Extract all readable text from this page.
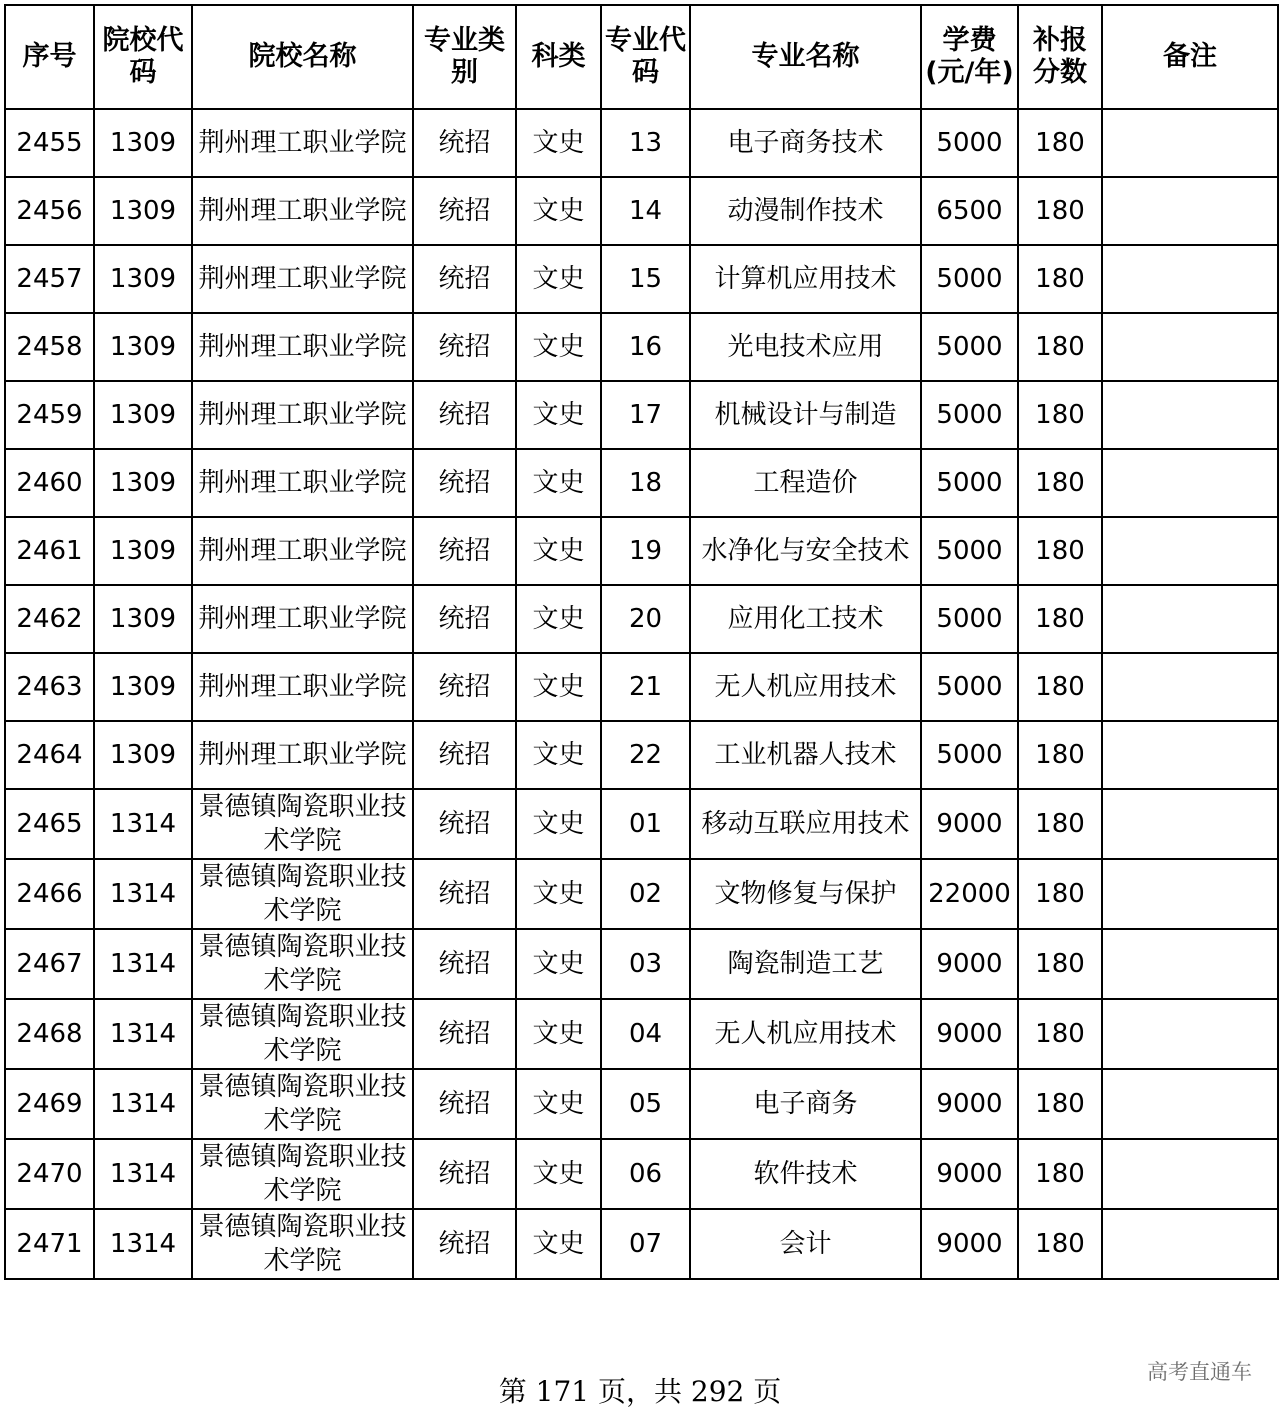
序号	院校代码	院校名称	专业类别	科类	专业代码	专业名称	学费(元/年)	补报分数	备注
2455	1309	荆州理工职业学院	统招	文史	13	电子商务技术	5000	180	
2456	1309	荆州理工职业学院	统招	文史	14	动漫制作技术	6500	180	
2457	1309	荆州理工职业学院	统招	文史	15	计算机应用技术	5000	180	
2458	1309	荆州理工职业学院	统招	文史	16	光电技术应用	5000	180	
2459	1309	荆州理工职业学院	统招	文史	17	机械设计与制造	5000	180	
2460	1309	荆州理工职业学院	统招	文史	18	工程造价	5000	180	
2461	1309	荆州理工职业学院	统招	文史	19	水净化与安全技术	5000	180	
2462	1309	荆州理工职业学院	统招	文史	20	应用化工技术	5000	180	
2463	1309	荆州理工职业学院	统招	文史	21	无人机应用技术	5000	180	
2464	1309	荆州理工职业学院	统招	文史	22	工业机器人技术	5000	180	
2465	1314	景德镇陶瓷职业技术学院	统招	文史	01	移动互联应用技术	9000	180	
2466	1314	景德镇陶瓷职业技术学院	统招	文史	02	文物修复与保护	22000	180	
2467	1314	景德镇陶瓷职业技术学院	统招	文史	03	陶瓷制造工艺	9000	180	
2468	1314	景德镇陶瓷职业技术学院	统招	文史	04	无人机应用技术	9000	180	
2469	1314	景德镇陶瓷职业技术学院	统招	文史	05	电子商务	9000	180	
2470	1314	景德镇陶瓷职业技术学院	统招	文史	06	软件技术	9000	180	
2471	1314	景德镇陶瓷职业技术学院	统招	文史	07	会计	9000	180	
第 171 页，共 292 页
高考直通车
